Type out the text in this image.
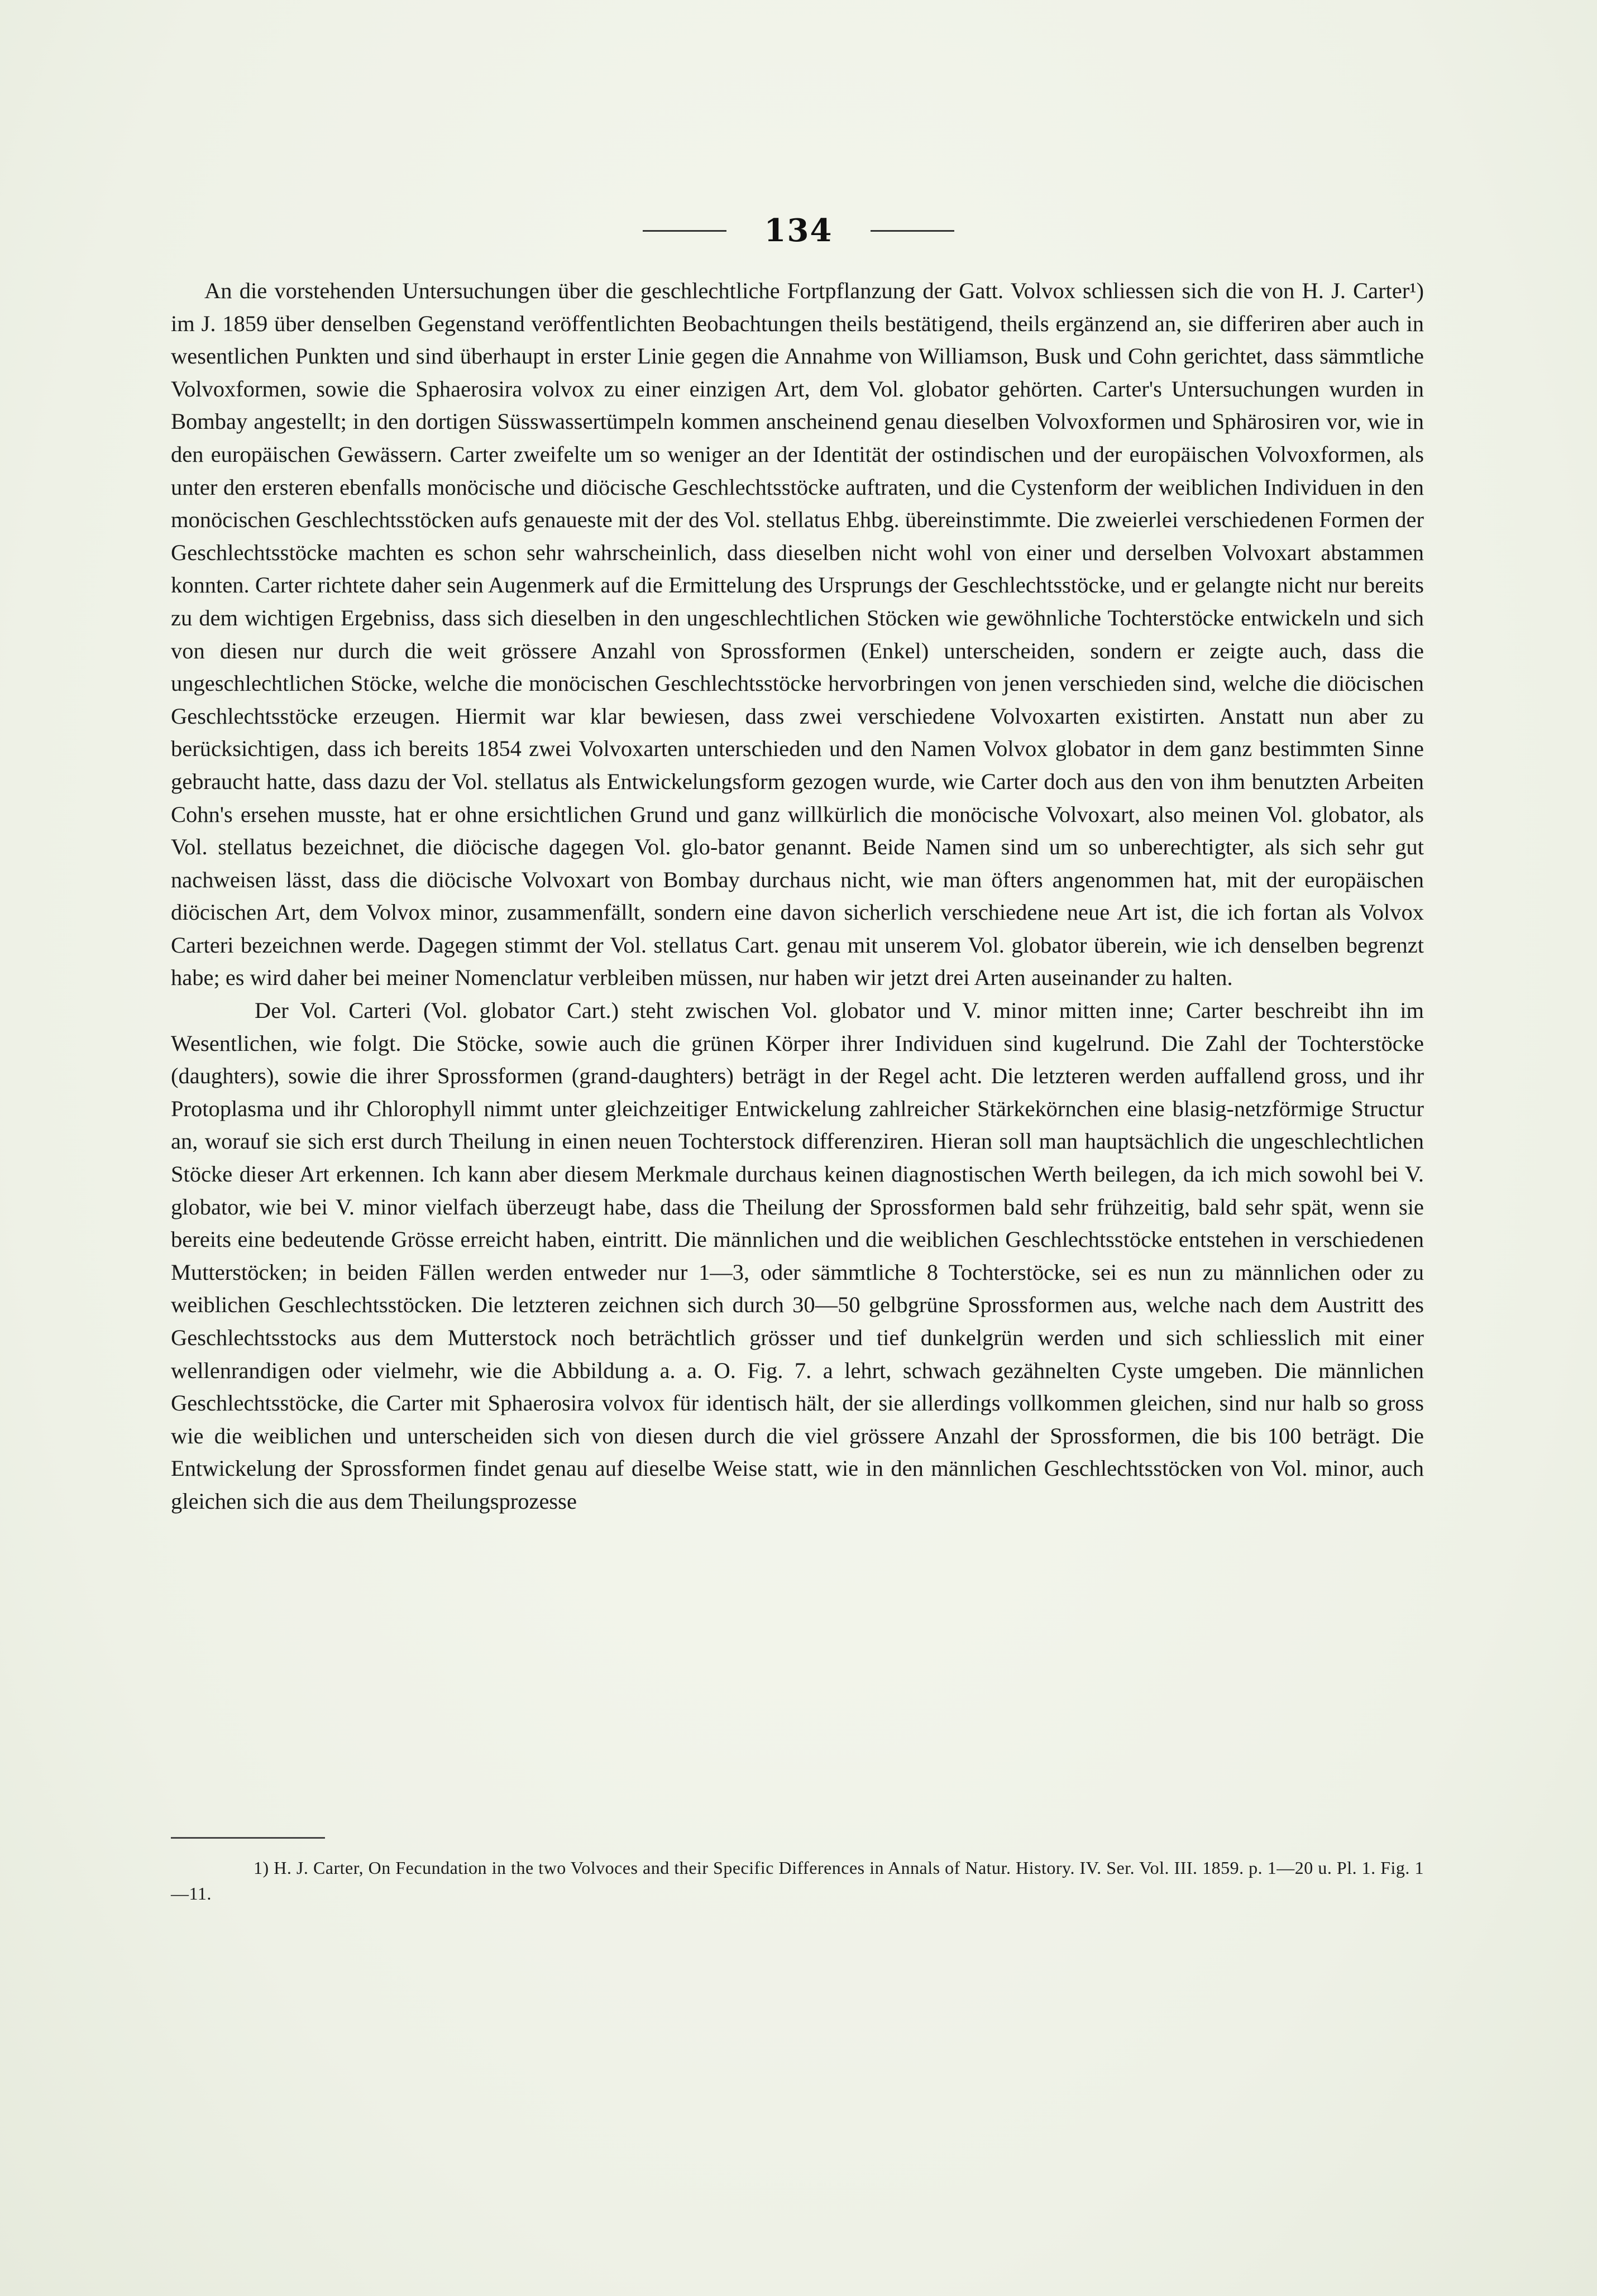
134

An die vorstehenden Untersuchungen über die geschlechtliche Fortpflanzung der Gatt. Volvox schliessen sich die von H. J. Carter¹) im J. 1859 über denselben Gegenstand veröffentlichten Beobachtungen theils bestätigend, theils ergänzend an, sie differiren aber auch in wesentlichen Punkten und sind überhaupt in erster Linie gegen die Annahme von Williamson, Busk und Cohn gerichtet, dass sämmtliche Volvoxformen, sowie die Sphaerosira volvox zu einer einzigen Art, dem Vol. globator gehörten. Carter's Untersuchungen wurden in Bombay angestellt; in den dortigen Süsswassertümpeln kommen anscheinend genau dieselben Volvoxformen und Sphärosiren vor, wie in den europäischen Gewässern. Carter zweifelte um so weniger an der Identität der ostindischen und der europäischen Volvoxformen, als unter den ersteren ebenfalls monöcische und diöcische Geschlechtsstöcke auftraten, und die Cystenform der weiblichen Individuen in den monöcischen Geschlechtsstöcken aufs genaueste mit der des Vol. stellatus Ehbg. übereinstimmte. Die zweierlei verschiedenen Formen der Geschlechtsstöcke machten es schon sehr wahrscheinlich, dass dieselben nicht wohl von einer und derselben Volvoxart abstammen konnten. Carter richtete daher sein Augenmerk auf die Ermittelung des Ursprungs der Geschlechtsstöcke, und er gelangte nicht nur bereits zu dem wichtigen Ergebniss, dass sich dieselben in den ungeschlechtlichen Stöcken wie gewöhnliche Tochterstöcke entwickeln und sich von diesen nur durch die weit grössere Anzahl von Sprossformen (Enkel) unterscheiden, sondern er zeigte auch, dass die ungeschlechtlichen Stöcke, welche die monöcischen Geschlechtsstöcke hervorbringen von jenen verschieden sind, welche die diöcischen Geschlechtsstöcke erzeugen. Hiermit war klar bewiesen, dass zwei verschiedene Volvoxarten existirten. Anstatt nun aber zu berücksichtigen, dass ich bereits 1854 zwei Volvoxarten unterschieden und den Namen Volvox globator in dem ganz bestimmten Sinne gebraucht hatte, dass dazu der Vol. stellatus als Entwickelungsform gezogen wurde, wie Carter doch aus den von ihm benutzten Arbeiten Cohn's ersehen musste, hat er ohne ersichtlichen Grund und ganz willkürlich die monöcische Volvoxart, also meinen Vol. globator, als Vol. stellatus bezeichnet, die diöcische dagegen Vol. glo-bator genannt. Beide Namen sind um so unberechtigter, als sich sehr gut nachweisen lässt, dass die diöcische Volvoxart von Bombay durchaus nicht, wie man öfters angenommen hat, mit der europäischen diöcischen Art, dem Volvox minor, zusammenfällt, sondern eine davon sicherlich verschiedene neue Art ist, die ich fortan als Volvox Carteri bezeichnen werde. Dagegen stimmt der Vol. stellatus Cart. genau mit unserem Vol. globator überein, wie ich denselben begrenzt habe; es wird daher bei meiner Nomenclatur verbleiben müssen, nur haben wir jetzt drei Arten auseinander zu halten.

Der Vol. Carteri (Vol. globator Cart.) steht zwischen Vol. globator und V. minor mitten inne; Carter beschreibt ihn im Wesentlichen, wie folgt. Die Stöcke, sowie auch die grünen Körper ihrer Individuen sind kugelrund. Die Zahl der Tochterstöcke (daughters), sowie die ihrer Sprossformen (grand-daughters) beträgt in der Regel acht. Die letzteren werden auffallend gross, und ihr Protoplasma und ihr Chlorophyll nimmt unter gleichzeitiger Entwickelung zahlreicher Stärkekörnchen eine blasig-netzförmige Structur an, worauf sie sich erst durch Theilung in einen neuen Tochterstock differenziren. Hieran soll man hauptsächlich die ungeschlechtlichen Stöcke dieser Art erkennen. Ich kann aber diesem Merkmale durchaus keinen diagnostischen Werth beilegen, da ich mich sowohl bei V. globator, wie bei V. minor vielfach überzeugt habe, dass die Theilung der Sprossformen bald sehr frühzeitig, bald sehr spät, wenn sie bereits eine bedeutende Grösse erreicht haben, eintritt. Die männlichen und die weiblichen Geschlechtsstöcke entstehen in verschiedenen Mutterstöcken; in beiden Fällen werden entweder nur 1—3, oder sämmtliche 8 Tochterstöcke, sei es nun zu männlichen oder zu weiblichen Geschlechtsstöcken. Die letzteren zeichnen sich durch 30—50 gelbgrüne Sprossformen aus, welche nach dem Austritt des Geschlechtsstocks aus dem Mutterstock noch beträchtlich grösser und tief dunkelgrün werden und sich schliesslich mit einer wellenrandigen oder vielmehr, wie die Abbildung a. a. O. Fig. 7. a lehrt, schwach gezähnelten Cyste umgeben. Die männlichen Geschlechtsstöcke, die Carter mit Sphaerosira volvox für identisch hält, der sie allerdings vollkommen gleichen, sind nur halb so gross wie die weiblichen und unterscheiden sich von diesen durch die viel grössere Anzahl der Sprossformen, die bis 100 beträgt. Die Entwickelung der Sprossformen findet genau auf dieselbe Weise statt, wie in den männlichen Geschlechtsstöcken von Vol. minor, auch gleichen sich die aus dem Theilungsprozesse

1) H. J. Carter, On Fecundation in the two Volvoces and their Specific Differences in Annals of Natur. History. IV. Ser. Vol. III. 1859. p. 1—20 u. Pl. 1. Fig. 1—11.
